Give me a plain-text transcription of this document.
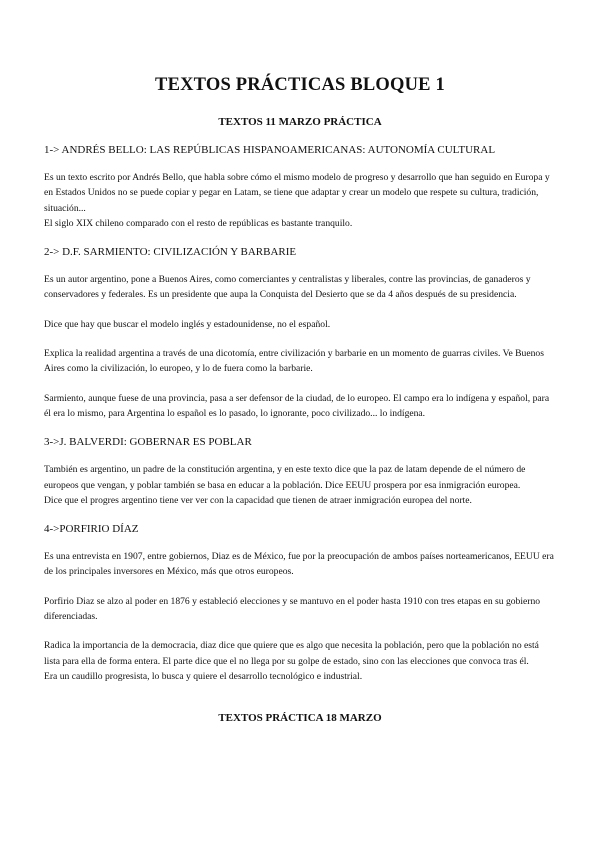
TEXTOS PRÁCTICAS BLOQUE 1
TEXTOS 11 MARZO PRÁCTICA
1-> ANDRÉS BELLO: LAS REPÚBLICAS HISPANOAMERICANAS: AUTONOMÍA CULTURAL
Es un texto escrito por Andrés Bello, que habla sobre cómo el mismo modelo de progreso y desarrollo que han seguido en Europa y en Estados Unidos no se puede copiar y pegar en Latam, se tiene que adaptar y crear un modelo que respete su cultura, tradición, situación...
El siglo XIX chileno comparado con el resto de repúblicas es bastante tranquilo.
2-> D.F. SARMIENTO: CIVILIZACIÓN Y BARBARIE
Es un autor argentino, pone a Buenos Aires, como comerciantes y centralistas y liberales, contre las provincias, de ganaderos y conservadores y federales. Es un presidente que aupa la Conquista del Desierto que se da 4 años después de su presidencia.
Dice que hay que buscar el modelo inglés y estadounidense, no el español.
Explica la realidad argentina a través de una dicotomía, entre civilización y barbarie en un momento de guarras civiles. Ve Buenos Aires como la civilización, lo europeo, y lo de fuera como la barbarie.
Sarmiento, aunque fuese de una provincia, pasa a ser defensor de la ciudad, de lo europeo. El campo era lo indígena y español, para él era lo mismo, para Argentina lo español es lo pasado, lo ignorante, poco civilizado... lo indígena.
3->J. BALVERDI: GOBERNAR ES POBLAR
También es argentino, un padre de la constitución argentina, y en este texto dice que la paz de latam depende de el número de europeos que vengan, y poblar también se basa en educar a la población. Dice EEUU prospera por esa inmigración europea.
Dice que el progres argentino tiene ver ver con la capacidad que tienen de atraer inmigración europea del norte.
4->PORFIRIO DÍAZ
Es una entrevista en 1907, entre gobiernos, Diaz es de México, fue por la preocupación de ambos países norteamericanos, EEUU era de los principales inversores en México, más que otros europeos.
Porfirio Diaz se alzo al poder en 1876 y estableció elecciones y se mantuvo en el poder hasta 1910 con tres etapas en su gobierno diferenciadas.
Radica la importancia de la democracia, diaz dice que quiere que es algo que necesita la población, pero que la población no está lista para ella de forma entera. El parte dice que el no llega por su golpe de estado, sino con las elecciones que convoca tras él.
Era un caudillo progresista, lo busca y quiere el desarrollo tecnológico e industrial.
TEXTOS PRÁCTICA 18 MARZO
